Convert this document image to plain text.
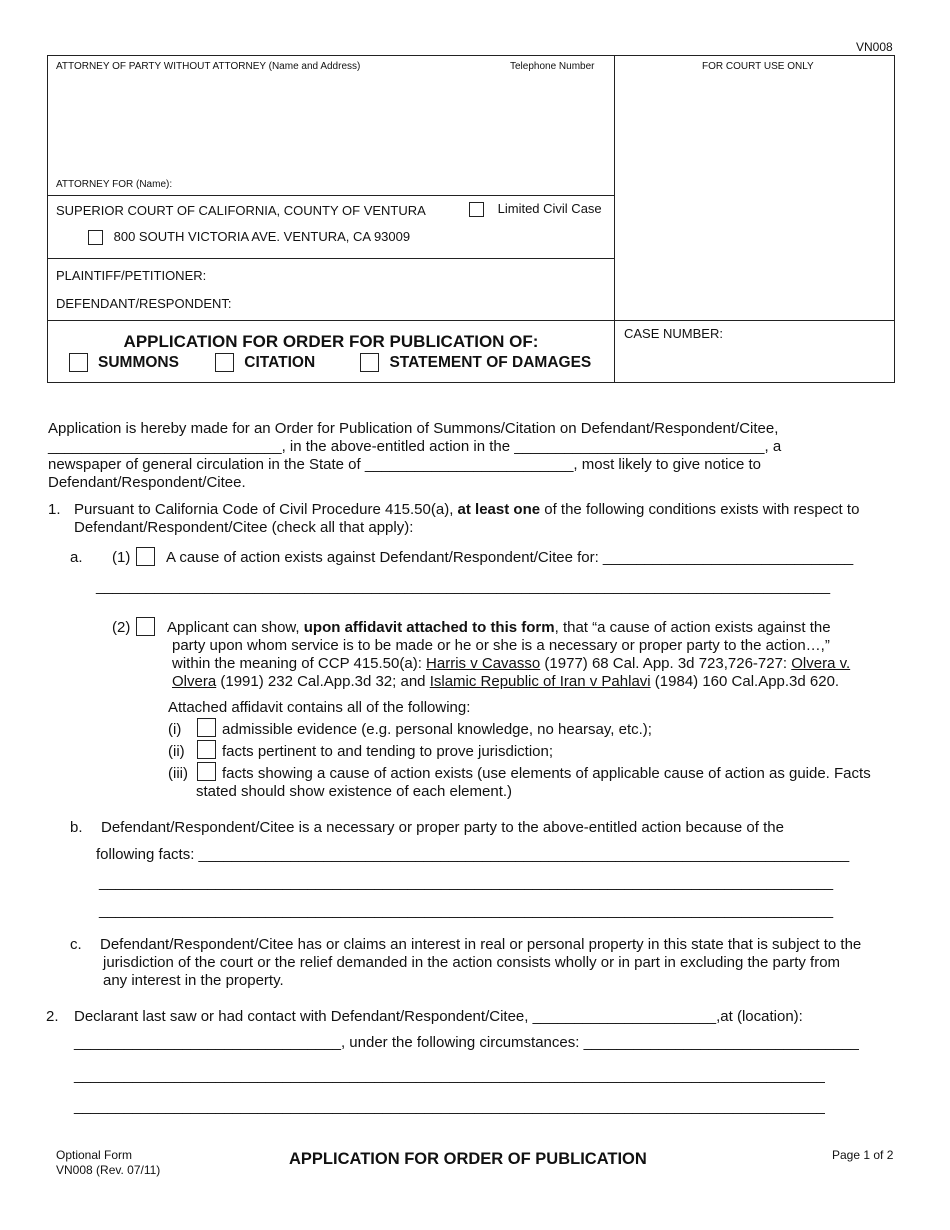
VN008
ATTORNEY OF PARTY WITHOUT ATTORNEY (Name and Address)	Telephone Number	FOR COURT USE ONLY
ATTORNEY FOR (Name):
SUPERIOR COURT OF CALIFORNIA, COUNTY OF VENTURA	Limited Civil Case
800 SOUTH VICTORIA AVE. VENTURA, CA 93009
PLAINTIFF/PETITIONER:
DEFENDANT/RESPONDENT:
APPLICATION FOR ORDER FOR PUBLICATION OF:
SUMMONS	CITATION	STATEMENT OF DAMAGES
CASE NUMBER:
Application is hereby made for an Order for Publication of Summons/Citation on Defendant/Respondent/Citee,
____________________________, in the above-entitled action in the ______________________________, a
newspaper of general circulation in the State of _________________________, most likely to give notice to
Defendant/Respondent/Citee.
1. Pursuant to California Code of Civil Procedure 415.50(a), at least one of the following conditions exists with respect to
Defendant/Respondent/Citee (check all that apply):
a. (1) A cause of action exists against Defendant/Respondent/Citee for: ______________________________
________________________________________________________________________________________
(2) Applicant can show, upon affidavit attached to this form, that “a cause of action exists against the
party upon whom service is to be made or he or she is a necessary or proper party to the action…,”
within the meaning of CCP 415.50(a): Harris v Cavasso (1977) 68 Cal. App. 3d 723,726-727: Olvera v.
Olvera (1991) 232 Cal.App.3d 32; and Islamic Republic of Iran v Pahlavi (1984) 160 Cal.App.3d 620.
Attached affidavit contains all of the following:
(i)	admissible evidence (e.g. personal knowledge, no hearsay, etc.);
(ii) facts pertinent to and tending to prove jurisdiction;
(iii) facts showing a cause of action exists (use elements of applicable cause of action as guide. Facts
stated should show existence of each element.)
b. Defendant/Respondent/Citee is a necessary or proper party to the above-entitled action because of the
following facts: ______________________________________________________________________________
________________________________________________________________________________________
________________________________________________________________________________________
c. Defendant/Respondent/Citee has or claims an interest in real or personal property in this state that is subject to the
jurisdiction of the court or the relief demanded in the action consists wholly or in part in excluding the party from
any interest in the property.
2. Declarant last saw or had contact with Defendant/Respondent/Citee, ______________________,at (location):
________________________________, under the following circumstances: _________________________________
__________________________________________________________________________________________
__________________________________________________________________________________________
Optional Form
VN008 (Rev. 07/11)
APPLICATION FOR ORDER OF PUBLICATION	Page 1 of 2
